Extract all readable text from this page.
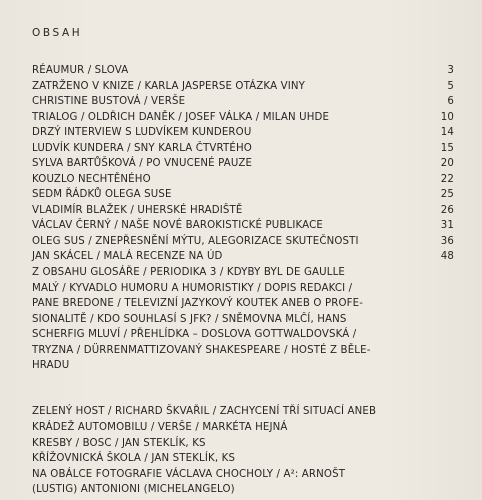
OBSAH
RÉAUMUR / SLOVA	3
ZATRŽENO V KNIZE / KARLA JASPERSE OTÁZKA VINY	5
CHRISTINE BUSTOVÁ / VERŠE	6
TRIALOG / OLDŘICH DANĚK / JOSEF VÁLKA / MILAN UHDE	10
DRZÝ INTERVIEW S LUDVÍKEM KUNDEROU	14
LUDVÍK KUNDERA / SNY KARLA ČTVRTÉHO	15
SYLVA BARTŮŠKOVÁ / PO VNUCENÉ PAUZE	20
KOUZLO NECHTĚNÉHO	22
SEDM ŘÁDKŮ OLEGA SUSE	25
VLADIMÍR BLAŽEK / UHERSKÉ HRADIŠTĚ	26
VÁCLAV ČERNÝ / NAŠE NOVÉ BAROKISTICKÉ PUBLIKACE	31
OLEG SUS / ZNEPŘESNĚNÍ MÝTU, ALEGORIZACE SKUTEČNOSTI	36
JAN SKÁCEL / MALÁ RECENZE NA ÚD	48
Z OBSAHU GLOSÁŘE / PERIODIKA 3 / KDYBY BYL DE GAULLE
MALÝ / KYVADLO HUMORU A HUMORISTIKY / DOPIS REDAKCI /
PANE BREDONE / TELEVIZNÍ JAZYKOVÝ KOUTEK ANEB O PROFE-
SIONALITĚ / KDO SOUHLASÍ S JFK? / SNĚMOVNA MLČÍ, HANS
SCHERFIG MLUVÍ / PŘEHLÍDKA – DOSLOVA GOTTWALDOVSKÁ /
TRYZNA / DÜRRENMATTIZOVANÝ SHAKESPEARE / HOSTÉ Z BĚLE-
HRADU
ZELENÝ HOST / RICHARD ŠKVAŘIL / ZACHYCENÍ TŘÍ SITUACÍ ANEB
KRÁDEŽ AUTOMOBILU / VERŠE / MARKÉTA HEJNÁ
KRESBY / BOSC / JAN STEKLÍK, KS
KŘÍŽOVNICKÁ ŠKOLA / JAN STEKLÍK, KS
NA OBÁLCE FOTOGRAFIE VÁCLAVA CHOCHOLY / A²: ARNOŠT
(LUSTIG) ANTONIONI (MICHELANGELO)
